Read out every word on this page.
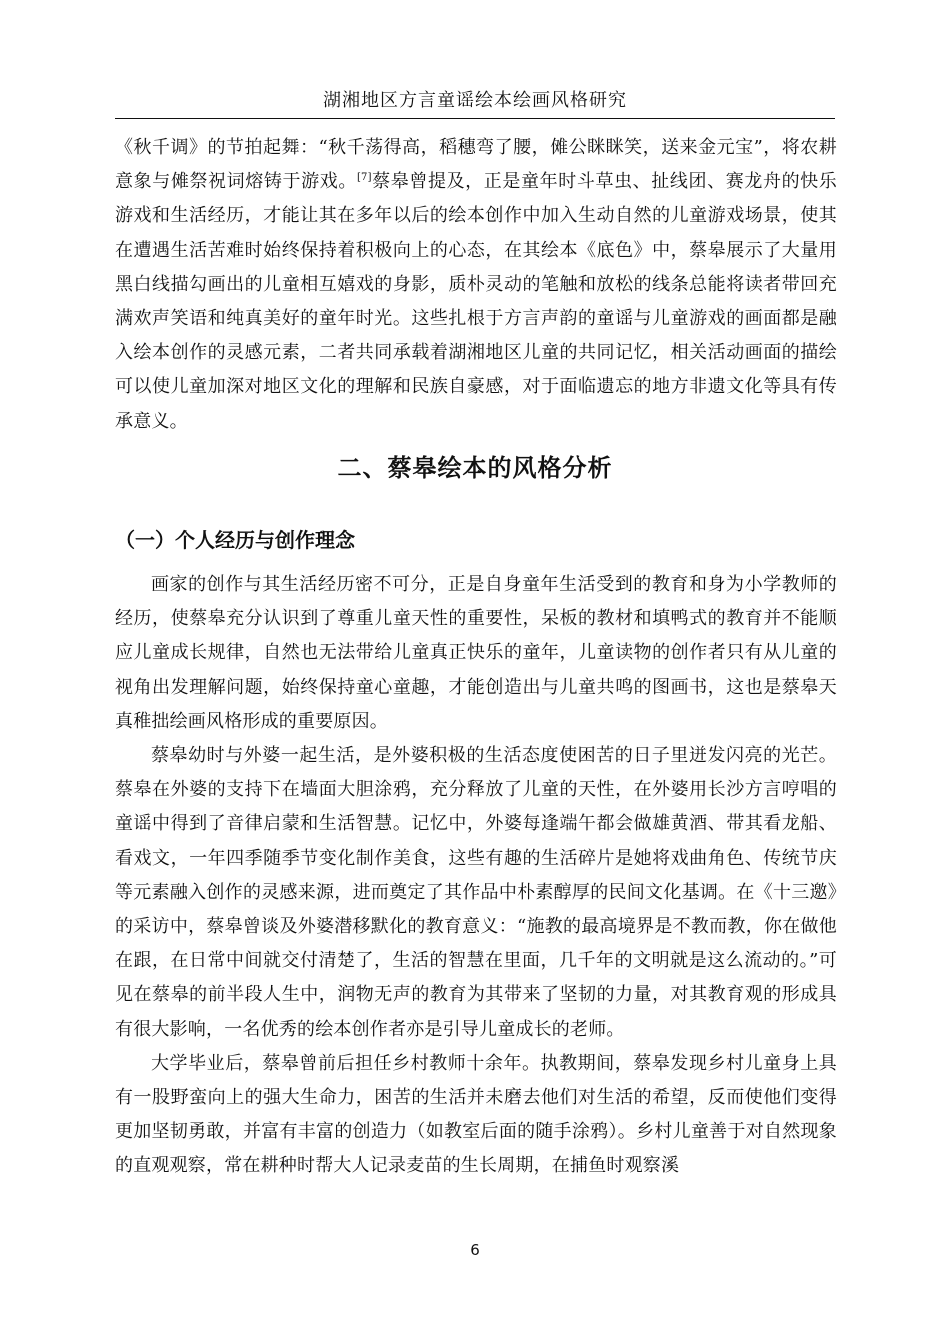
湖湘地区方言童谣绘本绘画风格研究

《秋千调》的节拍起舞：“秋千荡得高，稻穗弯了腰，傩公眯眯笑，送来金元宝”，将农耕意象与傩祭祝词熔铸于游戏。[7]蔡皋曾提及，正是童年时斗草虫、扯线团、赛龙舟的快乐游戏和生活经历，才能让其在多年以后的绘本创作中加入生动自然的儿童游戏场景，使其在遭遇生活苦难时始终保持着积极向上的心态，在其绘本《底色》中，蔡皋展示了大量用黑白线描勾画出的儿童相互嬉戏的身影，质朴灵动的笔触和放松的线条总能将读者带回充满欢声笑语和纯真美好的童年时光。这些扎根于方言声韵的童谣与儿童游戏的画面都是融入绘本创作的灵感元素，二者共同承载着湖湘地区儿童的共同记忆，相关活动画面的描绘可以使儿童加深对地区文化的理解和民族自豪感，对于面临遗忘的地方非遗文化等具有传承意义。

二、蔡皋绘本的风格分析
（一）个人经历与创作理念

画家的创作与其生活经历密不可分，正是自身童年生活受到的教育和身为小学教师的经历，使蔡皋充分认识到了尊重儿童天性的重要性，呆板的教材和填鸭式的教育并不能顺应儿童成长规律，自然也无法带给儿童真正快乐的童年，儿童读物的创作者只有从儿童的视角出发理解问题，始终保持童心童趣，才能创造出与儿童共鸣的图画书，这也是蔡皋天真稚拙绘画风格形成的重要原因。

蔡皋幼时与外婆一起生活，是外婆积极的生活态度使困苦的日子里迸发闪亮的光芒。蔡皋在外婆的支持下在墙面大胆涂鸦，充分释放了儿童的天性，在外婆用长沙方言哼唱的童谣中得到了音律启蒙和生活智慧。记忆中，外婆每逢端午都会做雄黄酒、带其看龙船、看戏文，一年四季随季节变化制作美食，这些有趣的生活碎片是她将戏曲角色、传统节庆等元素融入创作的灵感来源，进而奠定了其作品中朴素醇厚的民间文化基调。在《十三邀》的采访中，蔡皋曾谈及外婆潜移默化的教育意义：“施教的最高境界是不教而教，你在做他在跟，在日常中间就交付清楚了，生活的智慧在里面，几千年的文明就是这么流动的。”可见在蔡皋的前半段人生中，润物无声的教育为其带来了坚韧的力量，对其教育观的形成具有很大影响，一名优秀的绘本创作者亦是引导儿童成长的老师。

大学毕业后，蔡皋曾前后担任乡村教师十余年。执教期间，蔡皋发现乡村儿童身上具有一股野蛮向上的强大生命力，困苦的生活并未磨去他们对生活的希望，反而使他们变得更加坚韧勇敢，并富有丰富的创造力（如教室后面的随手涂鸦）。乡村儿童善于对自然现象的直观观察，常在耕种时帮大人记录麦苗的生长周期，在捕鱼时观察溪

6
